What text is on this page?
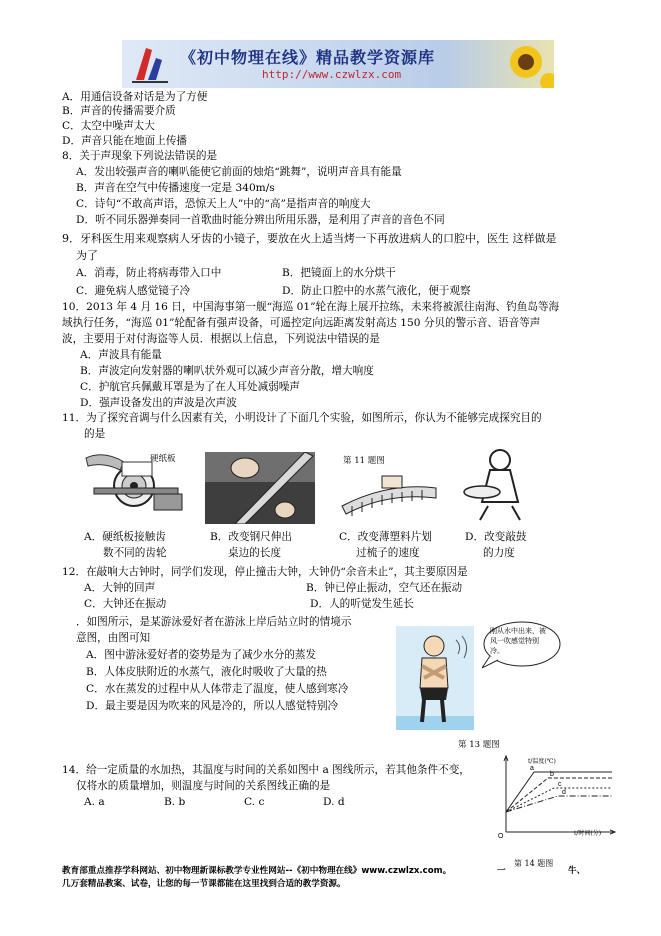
《初中物理在线》精品教学资源库
http://www.czwlzx.com
A．用通信设备对话是为了方便
B．声音的传播需要介质
C．太空中噪声太大
D．声音只能在地面上传播
8．关于声现象下列说法错误的是
A．发出较强声音的喇叭能使它前面的烛焰“跳舞”，说明声音具有能量
B．声音在空气中传播速度一定是 340m/s
C．诗句“不敢高声语，恐惊天上人”中的“高”是指声音的响度大
D．听不同乐器弹奏同一首歌曲时能分辨出所用乐器，是利用了声音的音色不同
9．牙科医生用来观察病人牙齿的小镜子，要放在火上适当烤一下再放进病人的口腔中，医生 这样做是
为了
A．消毒，防止将病毒带入口中	B．把镜面上的水分烘干
C．避免病人感觉镜子冷	D．防止口腔中的水蒸气液化，便于观察
10．2013 年 4 月 16 日，中国海事第一舰“海巡 01”轮在海上展开拉练，未来将被派往南海、钓鱼岛等海
域执行任务，“海巡 01”轮配备有强声设备，可遥控定向远距离发射高达 150 分贝的警示音、语音等声
波，主要用于对付海盗等人员．根据以上信息，下列说法中错误的是
A．声波具有能量
B．声波定向发射器的喇叭状外观可以减少声音分散，增大响度
C．护航官兵佩戴耳罩是为了在人耳处减弱噪声
D．强声设备发出的声波是次声波
11．为了探究音调与什么因素有关，小明设计了下面几个实验，如图所示，你认为不能够完成探究目的
的是
硬纸板	第 11 题图
A．硬纸板接触齿
数不同的齿轮
B．改变钢尺伸出
桌边的长度
C．改变薄塑料片划
过梳子的速度
D．改变敲鼓
的力度
12．在敲响大古钟时，同学们发现，停止撞击大钟，大钟仍“余音未止”，其主要原因是
A．大钟的回声	B．钟已停止振动，空气还在振动
C．大钟还在振动	D．人的听觉发生延长
．如图所示，是某游泳爱好者在游泳上岸后站立时的情境示
意图，由图可知
A．图中游泳爱好者的姿势是为了减少水分的蒸发
B．人体皮肤附近的水蒸气，液化时吸收了大量的热
C．水在蒸发的过程中从人体带走了温度，使人感到寒冷
D．最主要是因为吹来的风是冷的，所以人感觉特别冷
刚从水中出来，被风一吹感觉特别冷。
第 13 题图
14．给一定质量的水加热，其温度与时间的关系如图中 a 图线所示，若其他条件不变，
仅将水的质量增加，则温度与时间的关系图线正确的是
A. a	B. b	C. c	D. d
O
a
b
c
d
t/温度(℃)
t/时间(分)
教育部重点推荐学科网站、初中物理新课标教学专业性网站--《初中物理在线》www.czwlzx.com。	一
第 14 题图
牛、
几万套精品教案、试卷，让您的每一节课都能在这里找到合适的教学资源。
